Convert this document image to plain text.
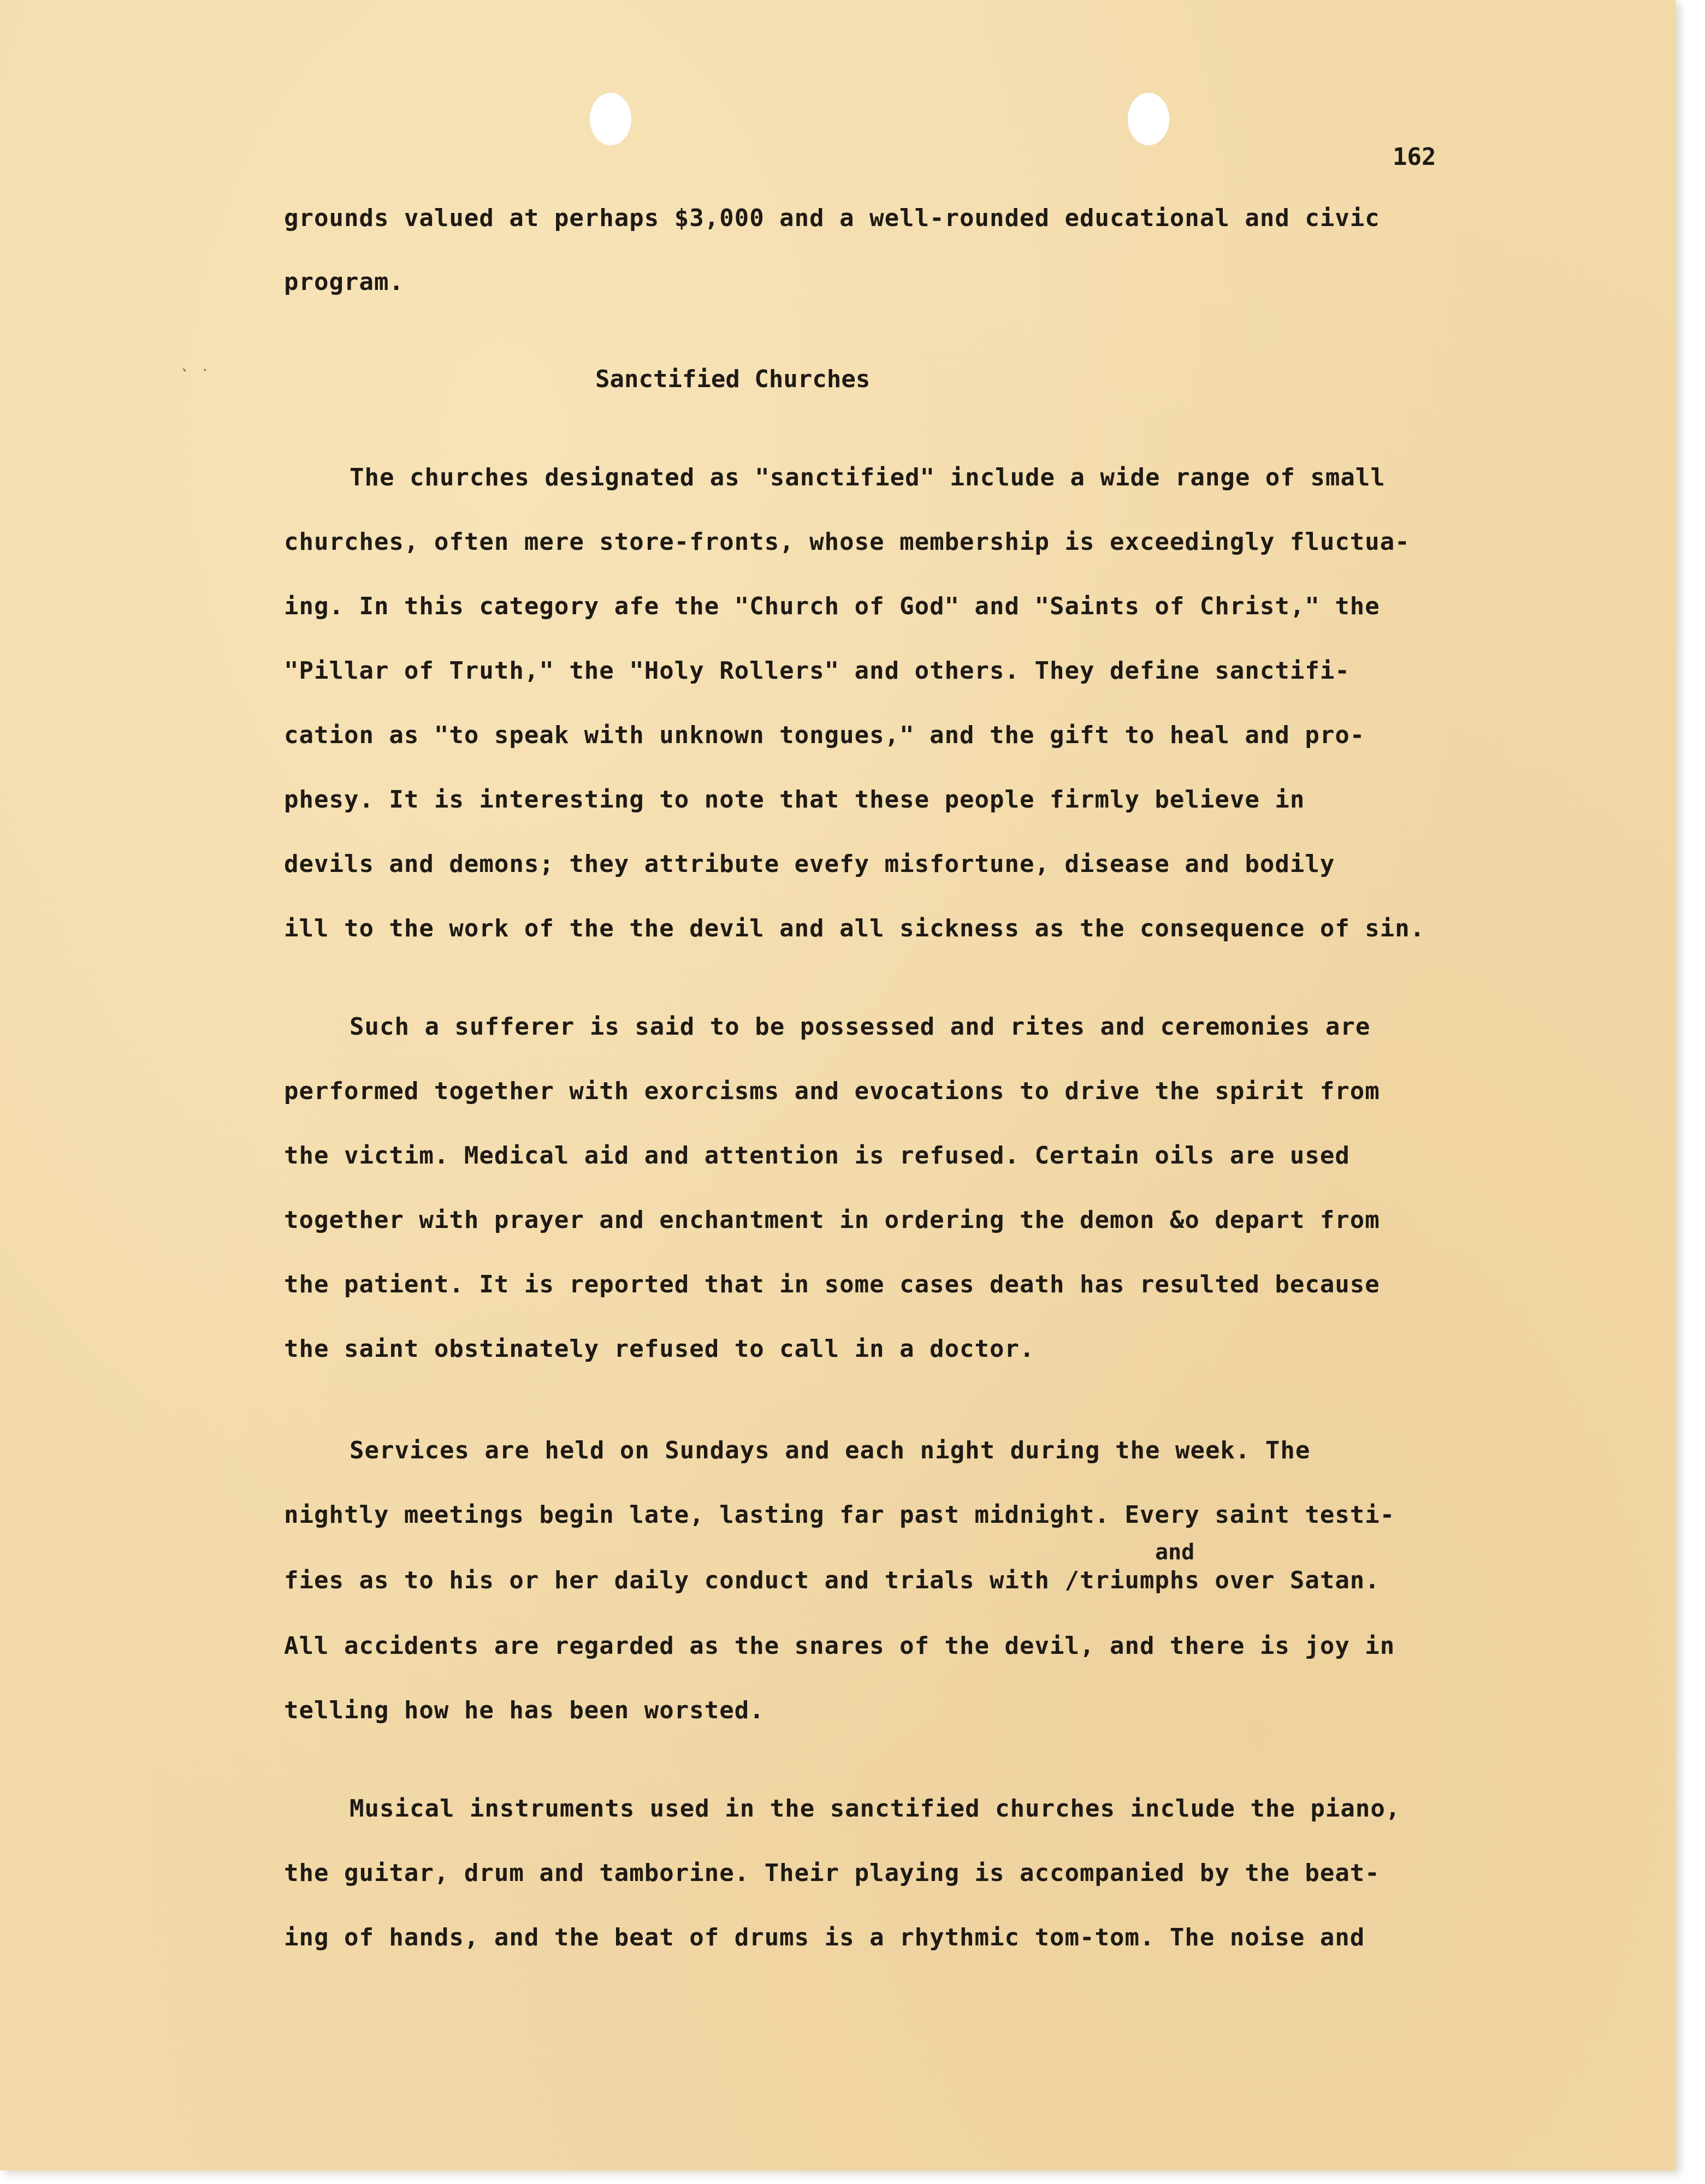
` ˙
162
grounds valued at perhaps $3,000 and a well-rounded educational and civic
program.
Sanctified Churches
The churches designated as "sanctified" include a wide range of small
churches, often mere store-fronts, whose membership is exceedingly fluctua-
ing. In this category afe the "Church of God" and "Saints of Christ," the
"Pillar of Truth," the "Holy Rollers" and others. They define sanctifi-
cation as "to speak with unknown tongues," and the gift to heal and pro-
phesy. It is interesting to note that these people firmly believe in
devils and demons; they attribute evefy misfortune, disease and bodily
ill to the work of the the devil and all sickness as the consequence of sin.
Such a sufferer is said to be possessed and rites and ceremonies are
performed together with exorcisms and evocations to drive the spirit from
the victim. Medical aid and attention is refused. Certain oils are used
together with prayer and enchantment in ordering the demon &o depart from
the patient. It is reported that in some cases death has resulted because
the saint obstinately refused to call in a doctor.
Services are held on Sundays and each night during the week. The
nightly meetings begin late, lasting far past midnight. Every saint testi-
and
fies as to his or her daily conduct and trials with /triumphs over Satan.
All accidents are regarded as the snares of the devil, and there is joy in
telling how he has been worsted.
Musical instruments used in the sanctified churches include the piano,
the guitar, drum and tamborine. Their playing is accompanied by the beat-
ing of hands, and the beat of drums is a rhythmic tom-tom. The noise and
